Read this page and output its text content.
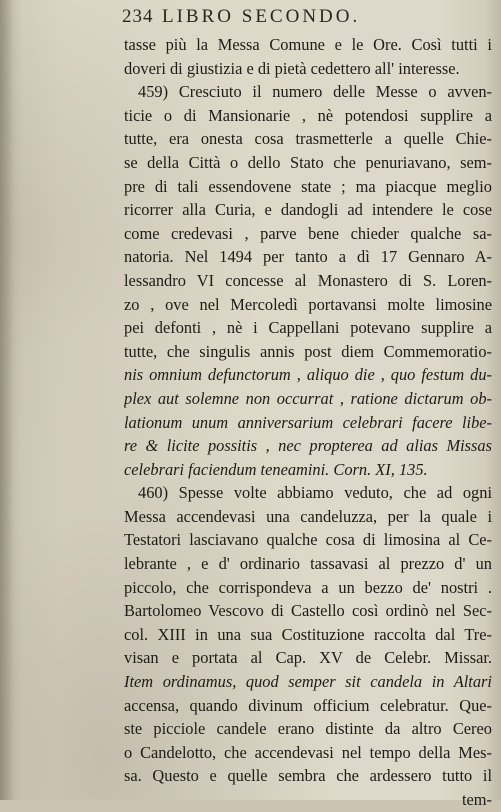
234 LIBRO SECONDO.
tasse più la Messa Comune e le Ore. Così tutti i
doveri di giustizia e di pietà cedettero all' interesse.
459) Cresciuto il numero delle Messe o avven-
ticie o di Mansionarie , nè potendosi supplire a
tutte, era onesta cosa trasmetterle a quelle Chie-
se della Città o dello Stato che penuriavano, sem-
pre di tali essendovene state ; ma piacque meglio
ricorrer alla Curia, e dandogli ad intendere le cose
come credevasi , parve bene chieder qualche sa-
natoria. Nel 1494 per tanto a dì 17 Gennaro A-
lessandro VI concesse al Monastero di S. Loren-
zo , ove nel Mercoledì portavansi molte limosine
pei defonti , nè i Cappellani potevano supplire a
tutte, che singulis annis post diem Commemoratio-
nis omnium defunctorum , aliquo die , quo festum du-
plex aut solemne non occurrat , ratione dictarum ob-
lationum unum anniversarium celebrari facere libe-
re & licite possitis , nec propterea ad alias Missas
celebrari faciendum teneamini. Corn. XI, 135.
460) Spesse volte abbiamo veduto, che ad ogni
Messa accendevasi una candeluzza, per la quale i
Testatori lasciavano qualche cosa di limosina al Ce-
lebrante , e d' ordinario tassavasi al prezzo d' un
piccolo, che corrispondeva a un bezzo de' nostri .
Bartolomeo Vescovo di Castello così ordinò nel Sec-
col. XIII in una sua Costituzione raccolta dal Tre-
visan e portata al Cap. XV de Celebr. Missar.
Item ordinamus, quod semper sit candela in Altari
accensa, quando divinum officium celebratur. Que-
ste picciole candele erano distinte da altro Cereo
o Candelotto, che accendevasi nel tempo della Mes-
sa. Questo e quelle sembra che ardessero tutto il
tem-
